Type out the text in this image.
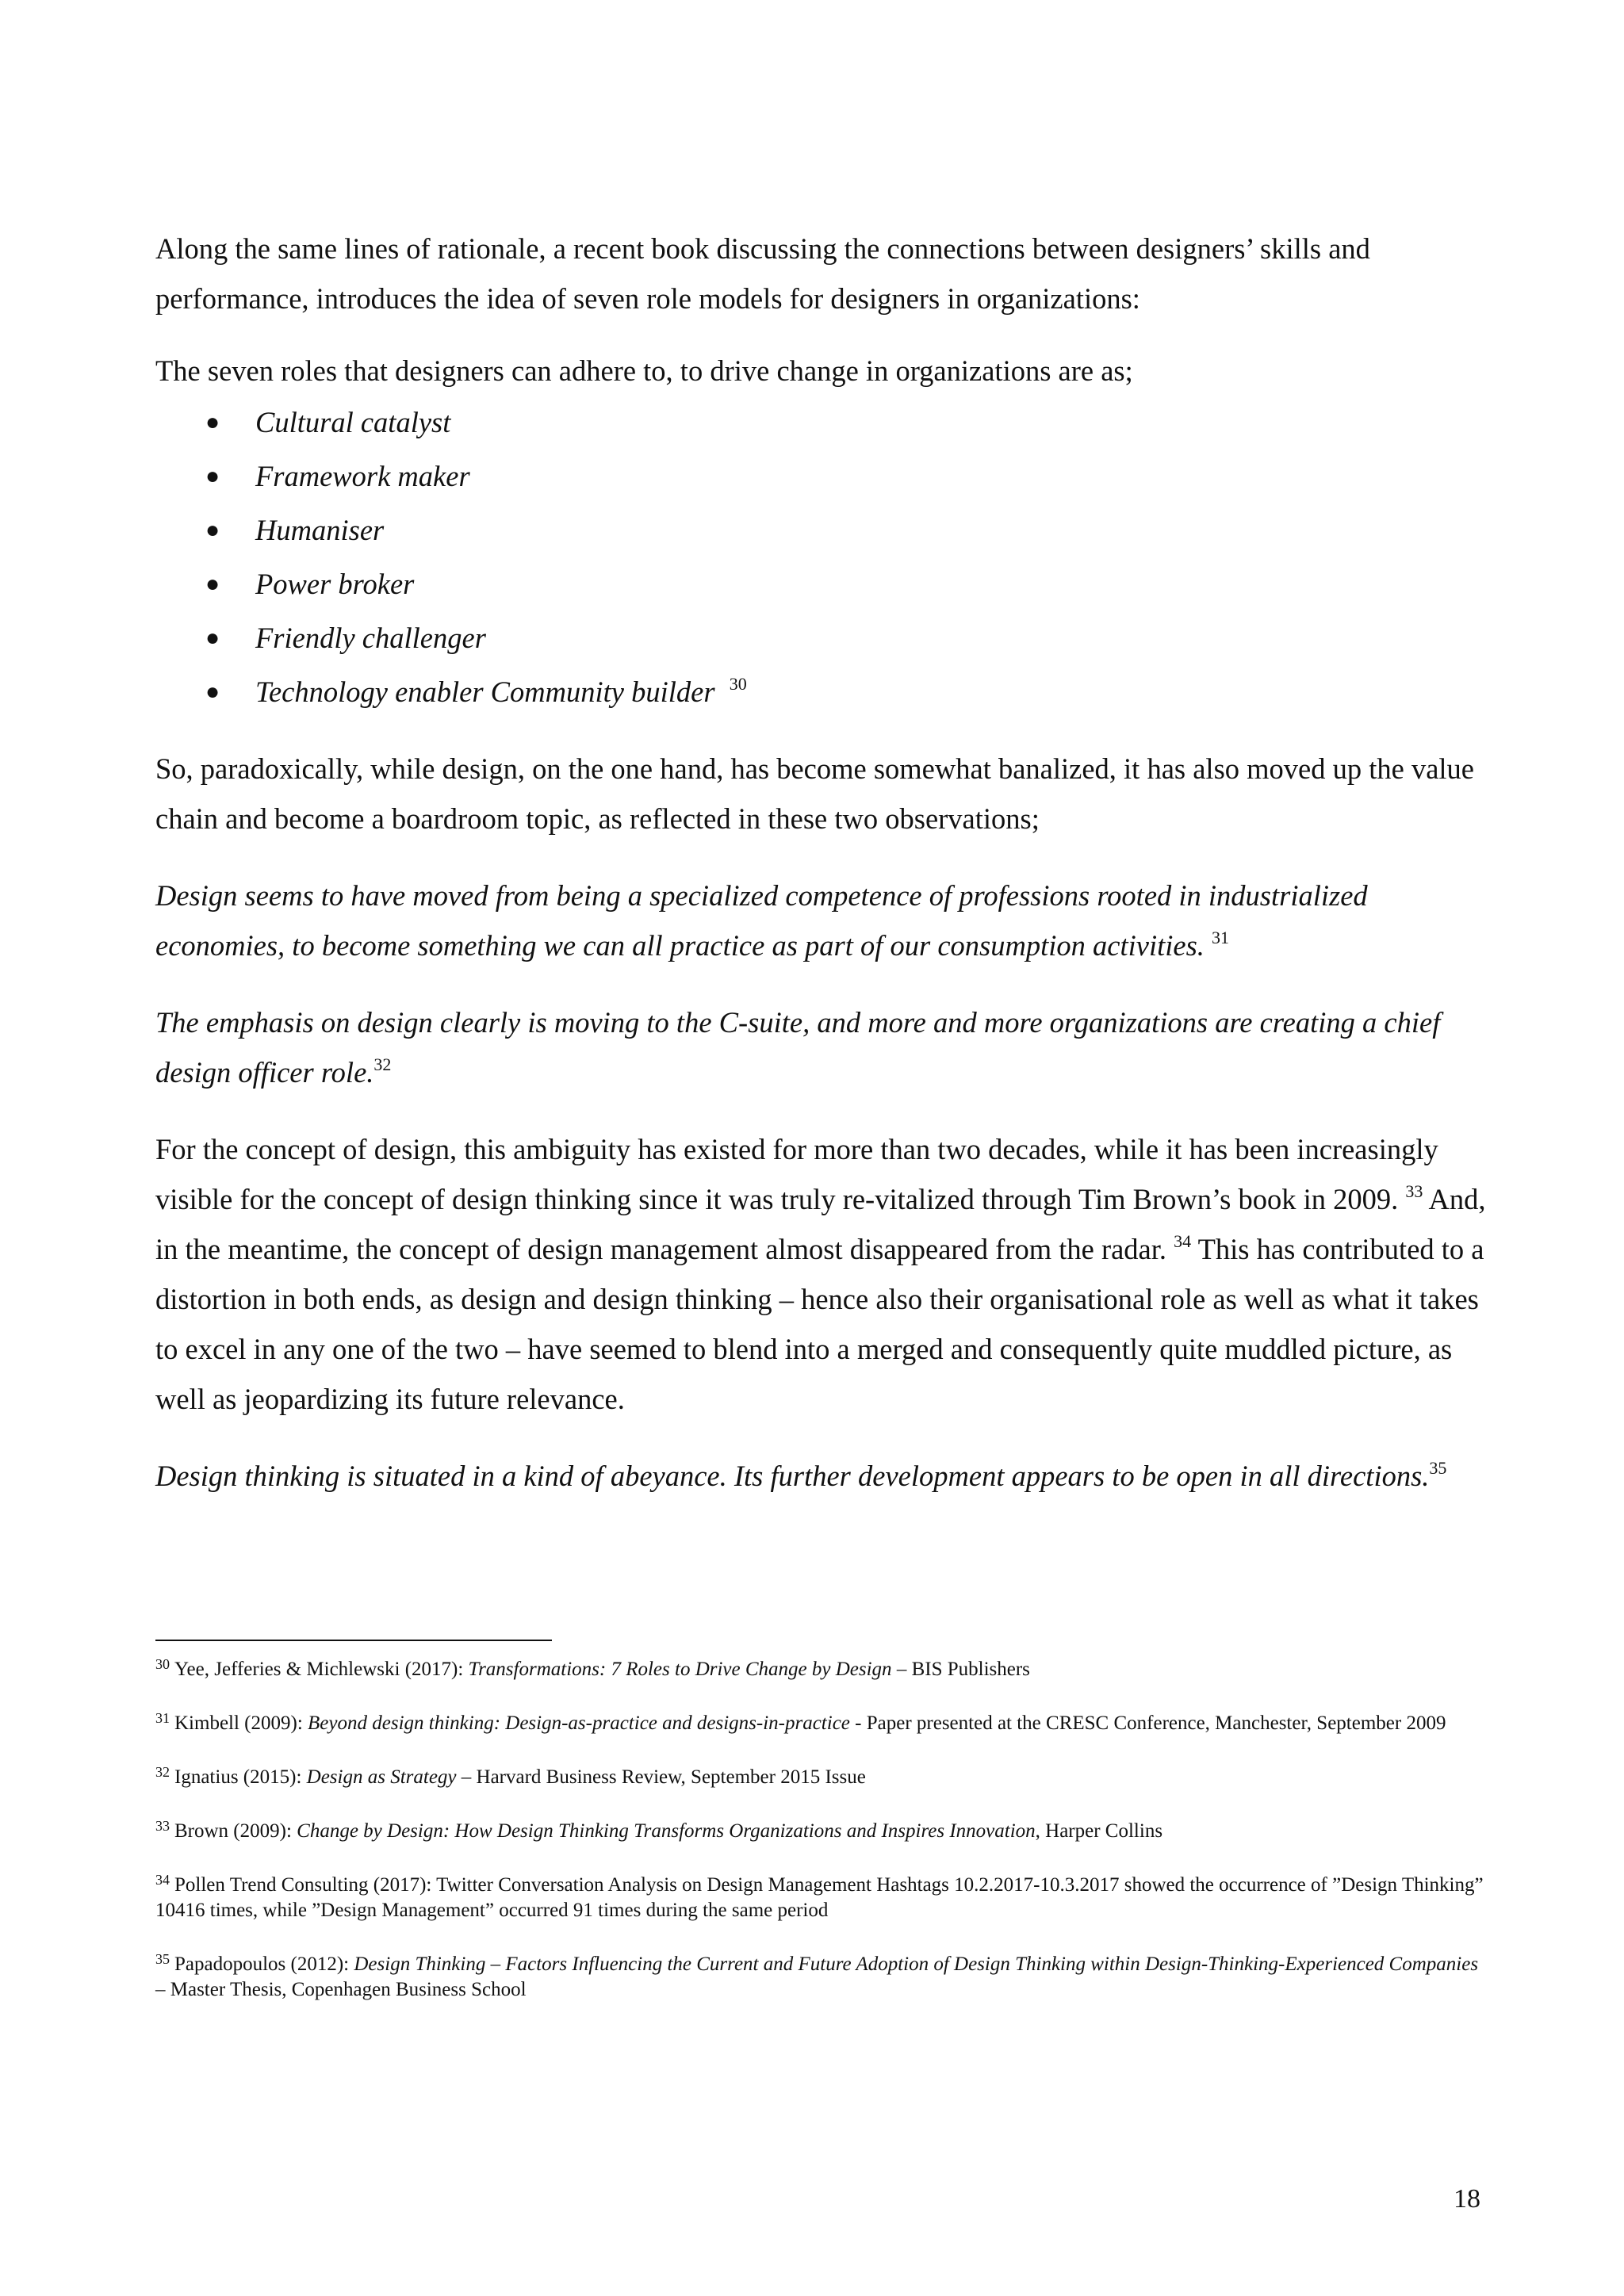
Along the same lines of rationale, a recent book discussing the connections between designers’ skills and performance, introduces the idea of seven role models for designers in organizations:

The seven roles that designers can adhere to, to drive change in organizations are as;

● Cultural catalyst
● Framework maker
● Humaniser
● Power broker
● Friendly challenger
● Technology enabler Community builder $^{30}$

So, paradoxically, while design, on the one hand, has become somewhat banalized, it has also moved up the value chain and become a boardroom topic, as reflected in these two observations;

Design seems to have moved from being a specialized competence of professions rooted in industrialized economies, to become something we can all practice as part of our consumption activities. $^{31}$

The emphasis on design clearly is moving to the C-suite, and more and more organizations are creating a chief design officer role.$^{32}$

For the concept of design, this ambiguity has existed for more than two decades, while it has been increasingly visible for the concept of design thinking since it was truly re-vitalized through Tim Brown’s book in 2009. $^{33}$ And, in the meantime, the concept of design management almost disappeared from the radar. $^{34}$ This has contributed to a distortion in both ends, as design and design thinking – hence also their organisational role as well as what it takes to excel in any one of the two – have seemed to blend into a merged and consequently quite muddled picture, as well as jeopardizing its future relevance.

Design thinking is situated in a kind of abeyance. Its further development appears to be open in all directions.$^{35}$

$^{30}$ Yee, Jefferies & Michlewski (2017): Transformations: 7 Roles to Drive Change by Design – BIS Publishers

$^{31}$ Kimbell (2009): Beyond design thinking: Design-as-practice and designs-in-practice - Paper presented at the CRESC Conference, Manchester, September 2009

$^{32}$ Ignatius (2015): Design as Strategy – Harvard Business Review, September 2015 Issue

$^{33}$ Brown (2009): Change by Design: How Design Thinking Transforms Organizations and Inspires Innovation, Harper Collins

$^{34}$ Pollen Trend Consulting (2017): Twitter Conversation Analysis on Design Management Hashtags 10.2.2017-10.3.2017 showed the occurrence of ”Design Thinking” 10416 times, while ”Design Management” occurred 91 times during the same period

$^{35}$ Papadopoulos (2012): Design Thinking – Factors Influencing the Current and Future Adoption of Design Thinking within Design-Thinking-Experienced Companies – Master Thesis, Copenhagen Business School

18
